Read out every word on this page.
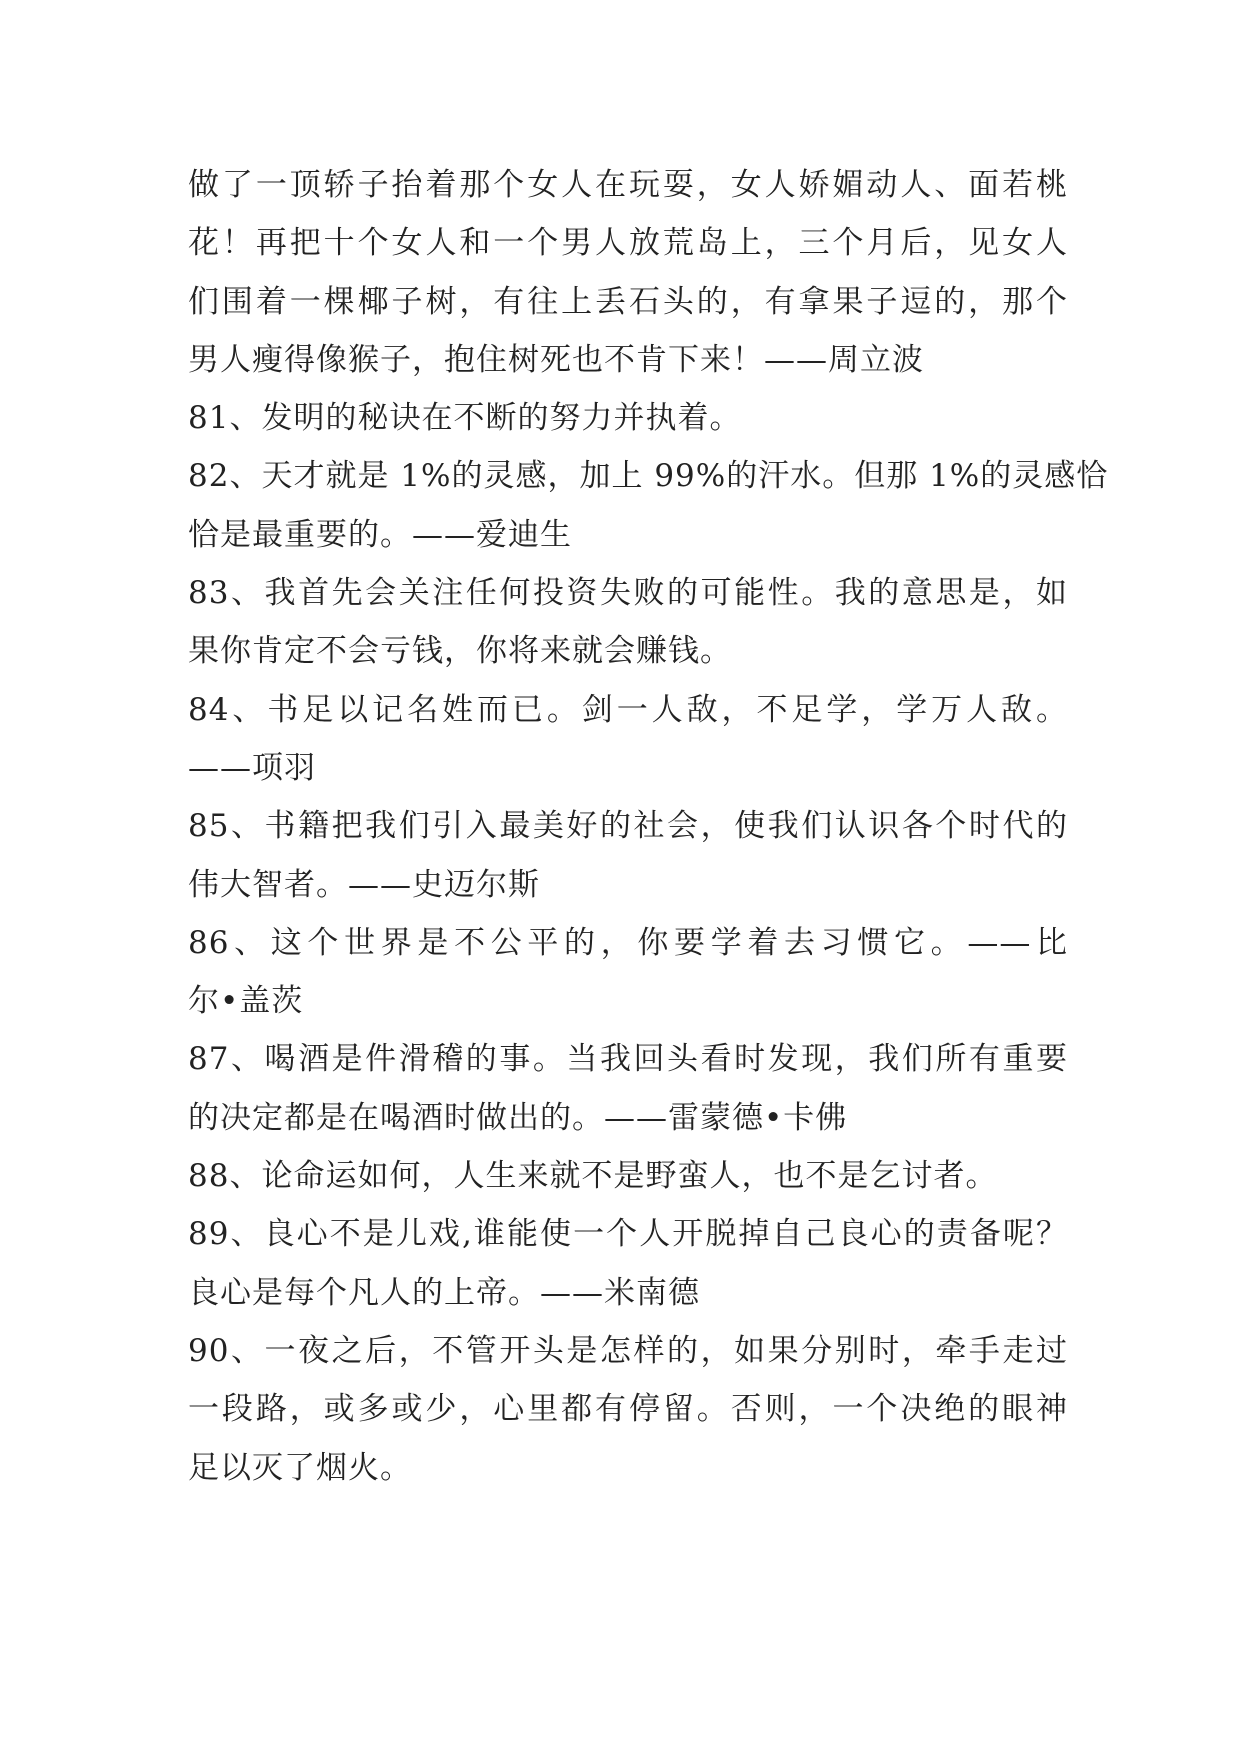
做了一顶轿子抬着那个女人在玩耍，女人娇媚动人、面若桃
花！再把十个女人和一个男人放荒岛上，三个月后，见女人
们围着一棵椰子树，有往上丢石头的，有拿果子逗的，那个
男人瘦得像猴子，抱住树死也不肯下来！——周立波
81、发明的秘诀在不断的努力并执着。
82、天才就是 1%的灵感，加上 99%的汗水。但那 1%的灵感恰
恰是最重要的。——爱迪生
83、我首先会关注任何投资失败的可能性。我的意思是，如
果你肯定不会亏钱，你将来就会赚钱。
84、书足以记名姓而已。剑一人敌，不足学，学万人敌。
——项羽
85、书籍把我们引入最美好的社会，使我们认识各个时代的
伟大智者。——史迈尔斯
86、这个世界是不公平的，你要学着去习惯它。——比
尔•盖茨
87、喝酒是件滑稽的事。当我回头看时发现，我们所有重要
的决定都是在喝酒时做出的。——雷蒙德•卡佛
88、论命运如何，人生来就不是野蛮人，也不是乞讨者。
89、良心不是儿戏,谁能使一个人开脱掉自己良心的责备呢？
良心是每个凡人的上帝。——米南德
90、一夜之后，不管开头是怎样的，如果分别时，牵手走过
一段路，或多或少，心里都有停留。否则，一个决绝的眼神
足以灭了烟火。
